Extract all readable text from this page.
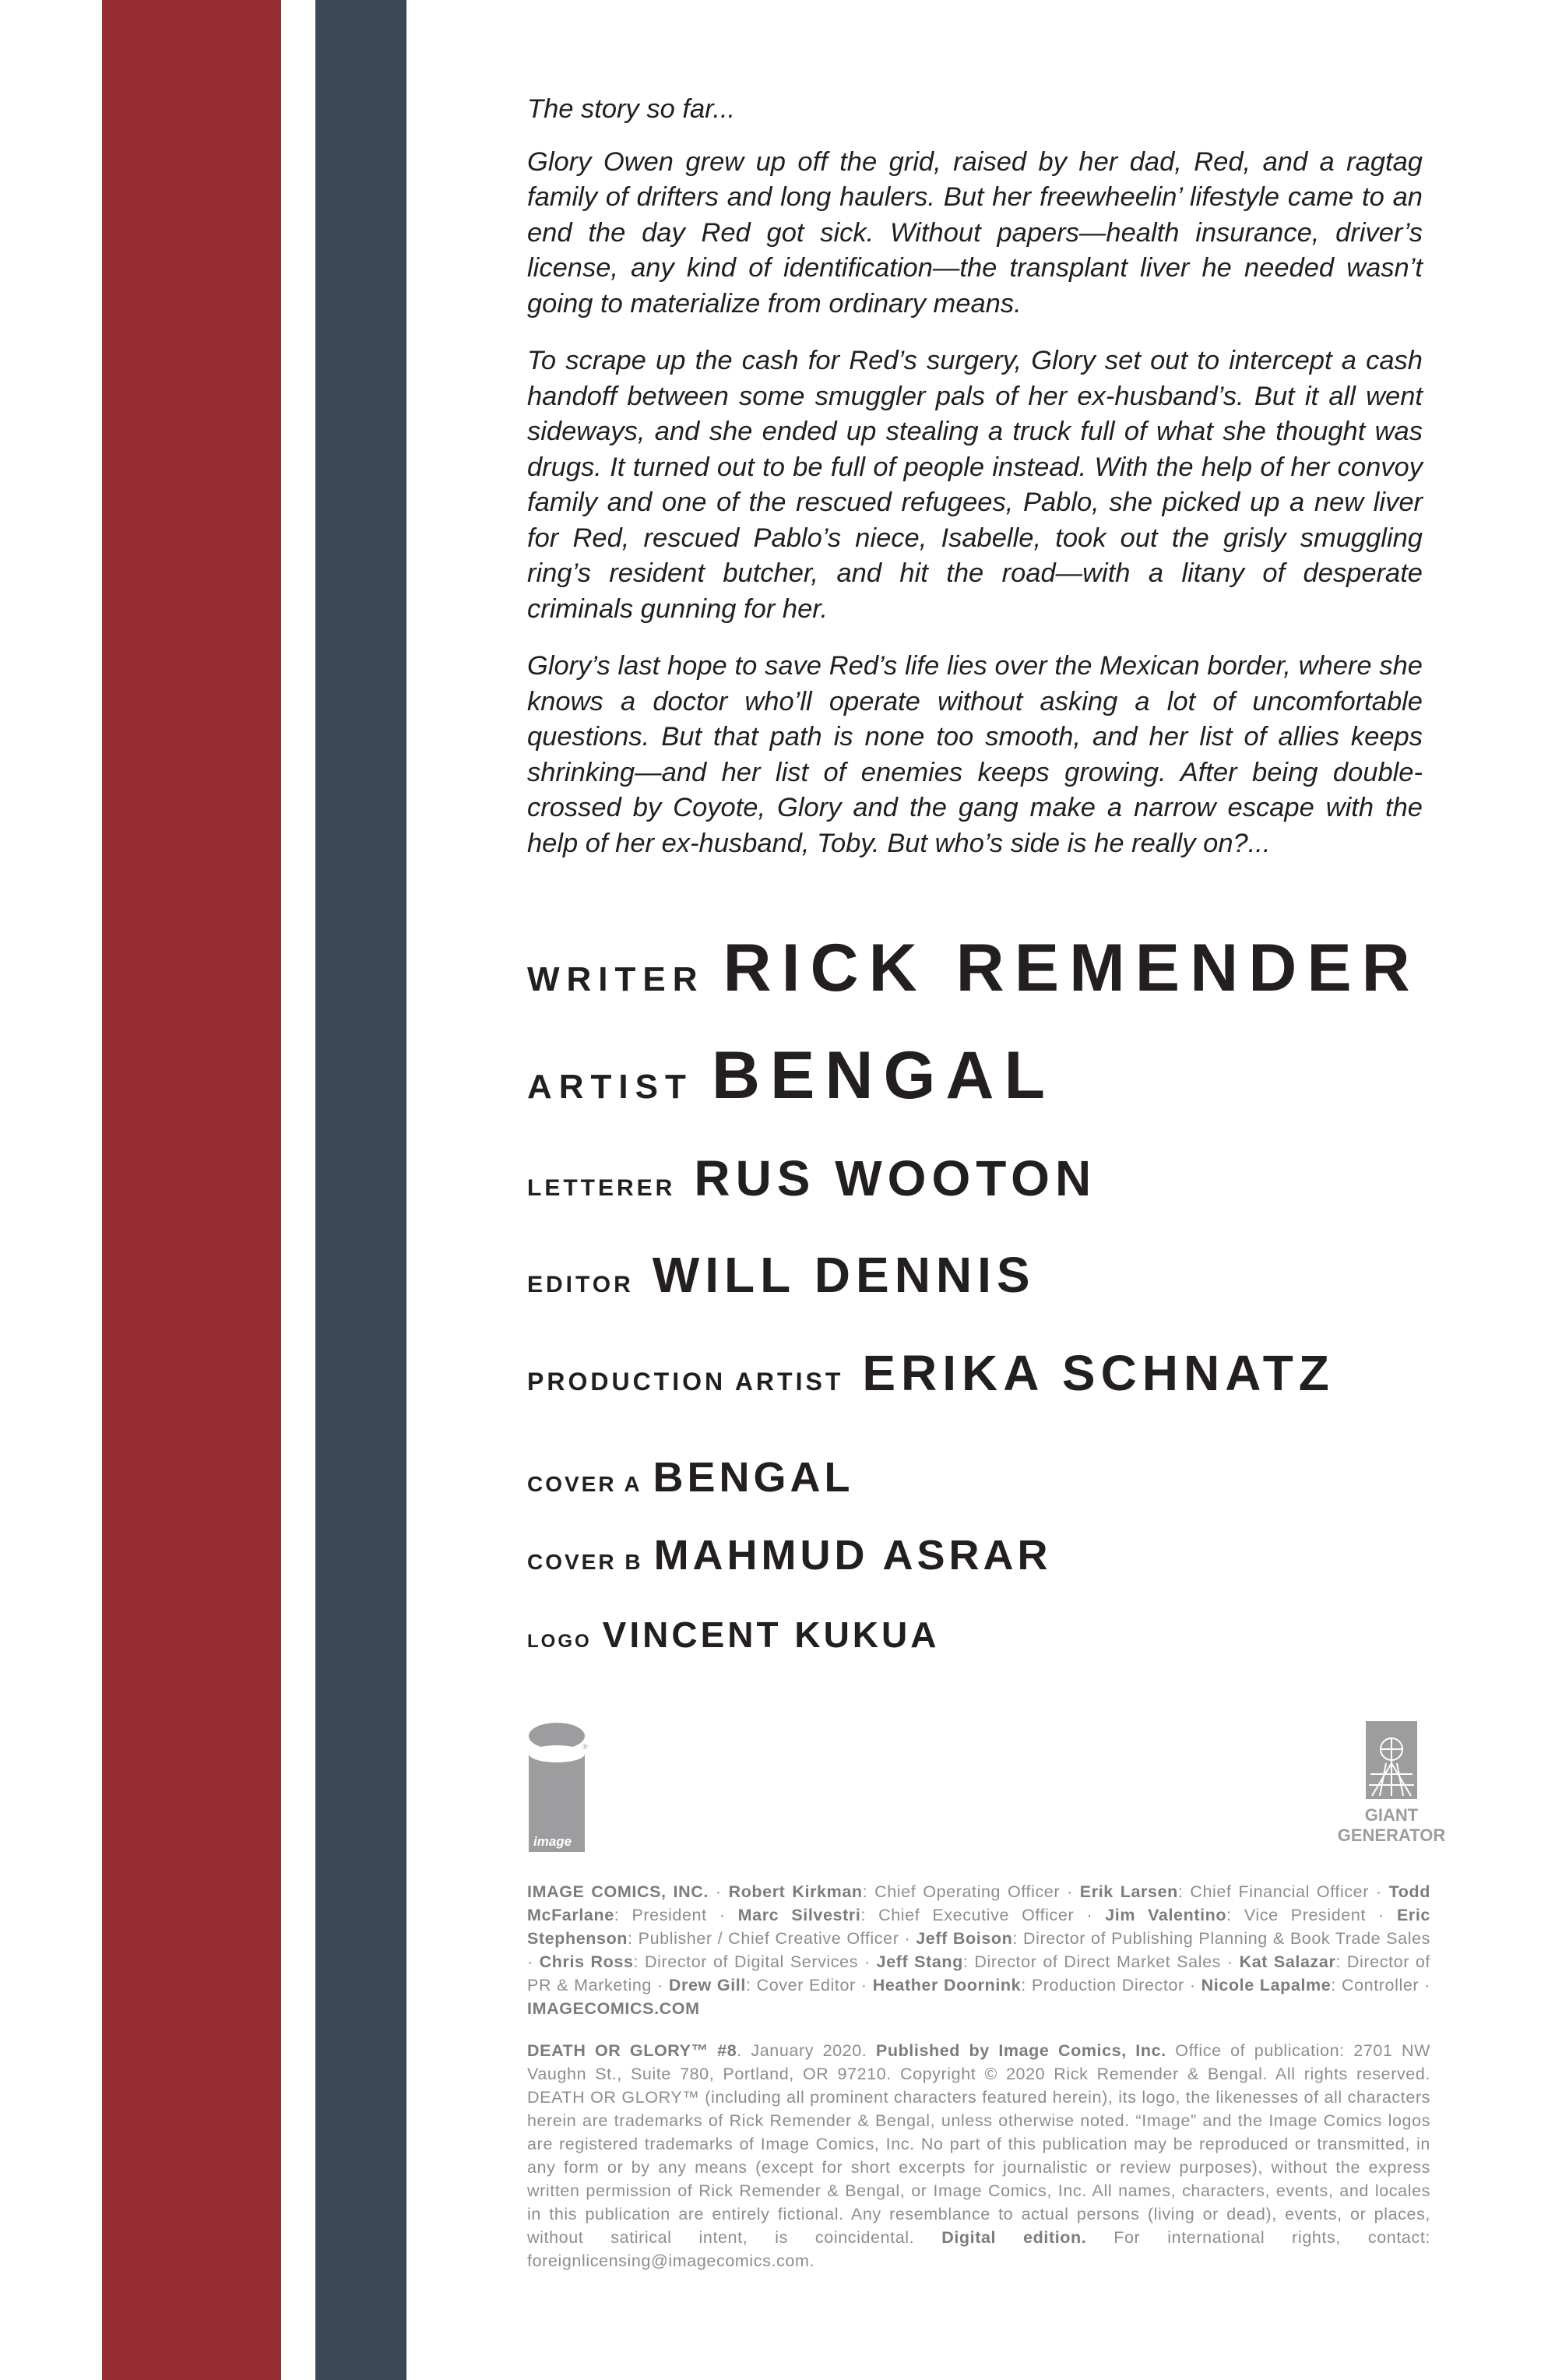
The story so far...

Glory Owen grew up off the grid, raised by her dad, Red, and a ragtag family of drifters and long haulers. But her freewheelin’ lifestyle came to an end the day Red got sick. Without papers—health insurance, driver’s license, any kind of identification—the transplant liver he needed wasn’t going to materialize from ordinary means.

To scrape up the cash for Red’s surgery, Glory set out to intercept a cash handoff between some smuggler pals of her ex-husband’s. But it all went sideways, and she ended up stealing a truck full of what she thought was drugs. It turned out to be full of people instead. With the help of her convoy family and one of the rescued refugees, Pablo, she picked up a new liver for Red, rescued Pablo’s niece, Isabelle, took out the grisly smuggling ring’s resident butcher, and hit the road—with a litany of desperate criminals gunning for her.

Glory’s last hope to save Red’s life lies over the Mexican border, where she knows a doctor who’ll operate without asking a lot of uncomfortable questions. But that path is none too smooth, and her list of allies keeps shrinking—and her list of enemies keeps growing. After being double-crossed by Coyote, Glory and the gang make a narrow escape with the help of her ex-husband, Toby. But who’s side is he really on?...

WRITER RICK REMENDER
ARTIST BENGAL
LETTERER RUS WOOTON
EDITOR WILL DENNIS
PRODUCTION ARTIST ERIKA SCHNATZ
COVER A BENGAL
COVER B MAHMUD ASRAR
LOGO VINCENT KUKUA
®
image
GIANT
GENERATOR
IMAGE COMICS, INC. · Robert Kirkman: Chief Operating Officer · Erik Larsen: Chief Financial Officer · Todd McFarlane: President · Marc Silvestri: Chief Executive Officer · Jim Valentino: Vice President · Eric Stephenson: Publisher / Chief Creative Officer · Jeff Boison: Director of Publishing Planning & Book Trade Sales · Chris Ross: Director of Digital Services · Jeff Stang: Director of Direct Market Sales · Kat Salazar: Director of PR & Marketing · Drew Gill: Cover Editor · Heather Doornink: Production Director · Nicole Lapalme: Controller · IMAGECOMICS.COM
DEATH OR GLORY™ #8. January 2020. Published by Image Comics, Inc. Office of publication: 2701 NW Vaughn St., Suite 780, Portland, OR 97210. Copyright © 2020 Rick Remender & Bengal. All rights reserved. DEATH OR GLORY™ (including all prominent characters featured herein), its logo, the likenesses of all characters herein are trademarks of Rick Remender & Bengal, unless otherwise noted. “Image” and the Image Comics logos are registered trademarks of Image Comics, Inc. No part of this publication may be reproduced or transmitted, in any form or by any means (except for short excerpts for journalistic or review purposes), without the express written permission of Rick Remender & Bengal, or Image Comics, Inc. All names, characters, events, and locales in this publication are entirely fictional. Any resemblance to actual persons (living or dead), events, or places, without satirical intent, is coincidental. Digital edition. For international rights, contact: foreignlicensing@imagecomics.com.
